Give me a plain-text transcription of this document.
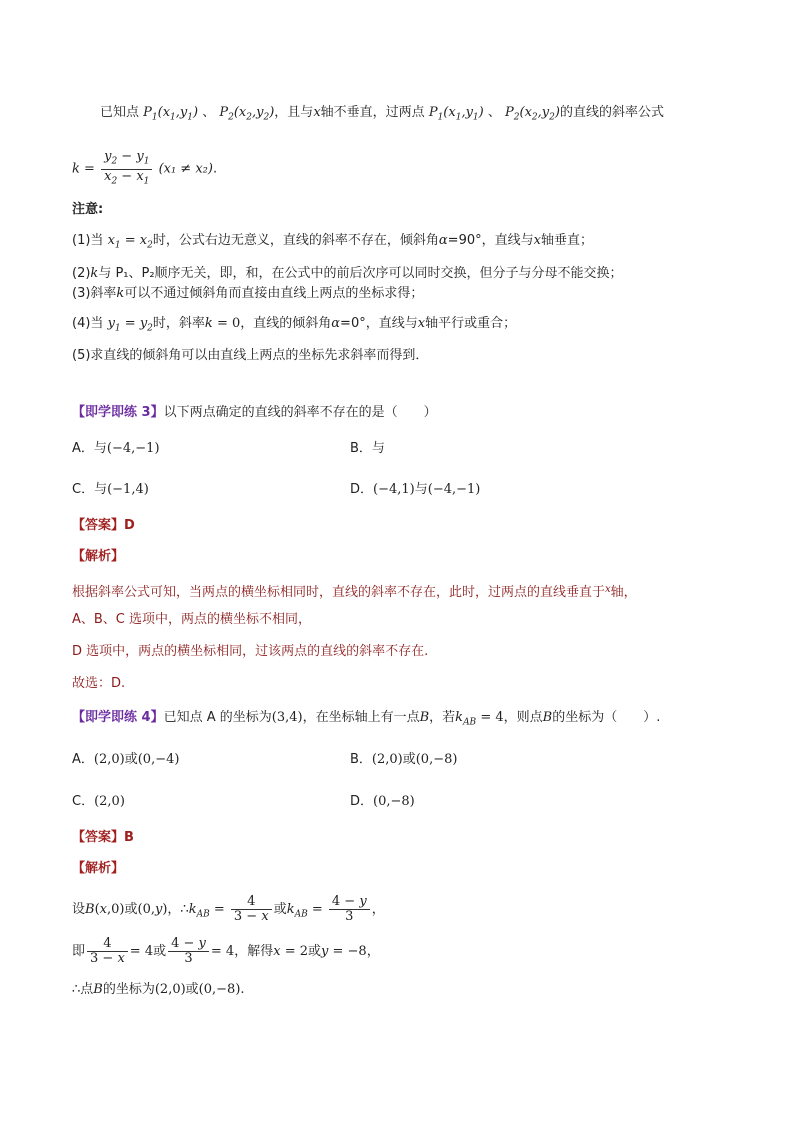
已知点 $P_1(x_1,y_1)$ 、 $P_2(x_2,y_2)$，且与x轴不垂直，过两点 $P_1(x_1,y_1)$ 、 $P_2(x_2,y_2)$的直线的斜率公式
$k = \frac{y_2 - y_1}{x_2 - x_1} (x_1 \ne x_2)$.
注意:
(1)当 $x_1 = x_2$时，公式右边无意义，直线的斜率不存在，倾斜角α=90°，直线与x轴垂直；
(2)k与 P₁、P₂顺序无关，即，和，在公式中的前后次序可以同时交换，但分子与分母不能交换；
(3)斜率k可以不通过倾斜角而直接由直线上两点的坐标求得；
(4)当 $y_1 = y_2$时，斜率k = 0，直线的倾斜角α=0°，直线与x轴平行或重合；
(5)求直线的倾斜角可以由直线上两点的坐标先求斜率而得到．
【即学即练 3】以下两点确定的直线的斜率不存在的是（　　）
A．与(−4,−1)	B．与
C．与(−1,4)	D．(−4,1)与(−4,−1)
【答案】D
【解析】
根据斜率公式可知，当两点的横坐标相同时，直线的斜率不存在，此时，过两点的直线垂直于$^x$轴，
A、B、C 选项中，两点的横坐标不相同，
D 选项中，两点的横坐标相同，过该两点的直线的斜率不存在.
故选：D.
【即学即练 4】已知点 A 的坐标为(3,4)，在坐标轴上有一点B，若$k_{AB} = 4$，则点B的坐标为（　　）.
A．(2,0)或(0,−4)	B．(2,0)或(0,−8)
C．(2,0)	D．(0,−8)
【答案】B
【解析】
设B(x,0)或(0,y)，$\therefore k_{AB} = \frac{4}{3 - x}$ 或$k_{AB} = \frac{4 - y}{3}$ ，
即 $\frac{4}{3 - x} = 4$或 $\frac{4 - y}{3} = 4$，解得x = 2或y = −8，
∴点B的坐标为(2,0)或(0,−8).
